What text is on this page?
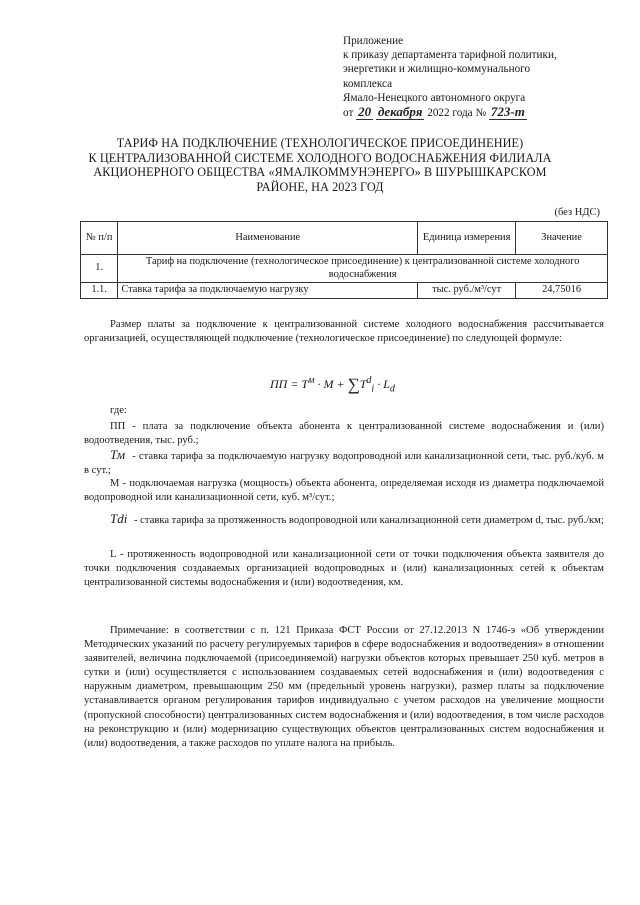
Приложение
к приказу департамента тарифной политики,
энергетики и жилищно-коммунального
комплекса
Ямало-Ненецкого автономного округа
от 20 декабря 2022 года № 723-т
ТАРИФ НА ПОДКЛЮЧЕНИЕ (ТЕХНОЛОГИЧЕСКОЕ ПРИСОЕДИНЕНИЕ)
К ЦЕНТРАЛИЗОВАННОЙ СИСТЕМЕ ХОЛОДНОГО ВОДОСНАБЖЕНИЯ ФИЛИАЛА
АКЦИОНЕРНОГО ОБЩЕСТВА «ЯМАЛКОММУНЭНЕРГО» В ШУРЫШКАРСКОМ
РАЙОНЕ, НА 2023 ГОД
(без НДС)
№ п/п	Наименование	Единица измерения	Значение
1.	Тариф на подключение (технологическое присоединение) к централизованной системе холодного водоснабжения		
1.1.	Ставка тарифа за подключаемую нагрузку	тыс. руб./м³/сут	24,75016
Размер платы за подключение к централизованной системе холодного водоснабжения рассчитывается организацией, осуществляющей подключение (технологическое присоединение) по следующей формуле:
ПП = $Т^м \cdot М + \sum Т^d_i \cdot L_d$
где:
ПП - плата за подключение объекта абонента к централизованной системе водоснабжения и (или) водоотведения, тыс. руб.;
Тм - ставка тарифа за подключаемую нагрузку водопроводной или канализационной сети, тыс. руб./куб. м в сут.;
М - подключаемая нагрузка (мощность) объекта абонента, определяемая исходя из диаметра подключаемой водопроводной или канализационной сети, куб. м³/сут.;
Тdi - ставка тарифа за протяженность водопроводной или канализационной сети диаметром d, тыс. руб./км;
L - протяженность водопроводной или канализационной сети от точки подключения объекта заявителя до точки подключения создаваемых организацией водопроводных и (или) канализационных сетей к объектам централизованной системы водоснабжения и (или) водоотведения, км.
Примечание: в соответствии с п. 121 Приказа ФСТ России от 27.12.2013 N 1746-э «Об утверждении Методических указаний по расчету регулируемых тарифов в сфере водоснабжения и водоотведения» в отношении заявителей, величина подключаемой (присоединяемой) нагрузки объектов которых превышает 250 куб. метров в сутки и (или) осуществляется с использованием создаваемых сетей водоснабжения и (или) водоотведения с наружным диаметром, превышающим 250 мм (предельный уровень нагрузки), размер платы за подключение устанавливается органом регулирования тарифов индивидуально с учетом расходов на увеличение мощности (пропускной способности) централизованных систем водоснабжения и (или) водоотведения, в том числе расходов на реконструкцию и (или) модернизацию существующих объектов централизованных систем водоснабжения и (или) водоотведения, а также расходов по уплате налога на прибыль.
